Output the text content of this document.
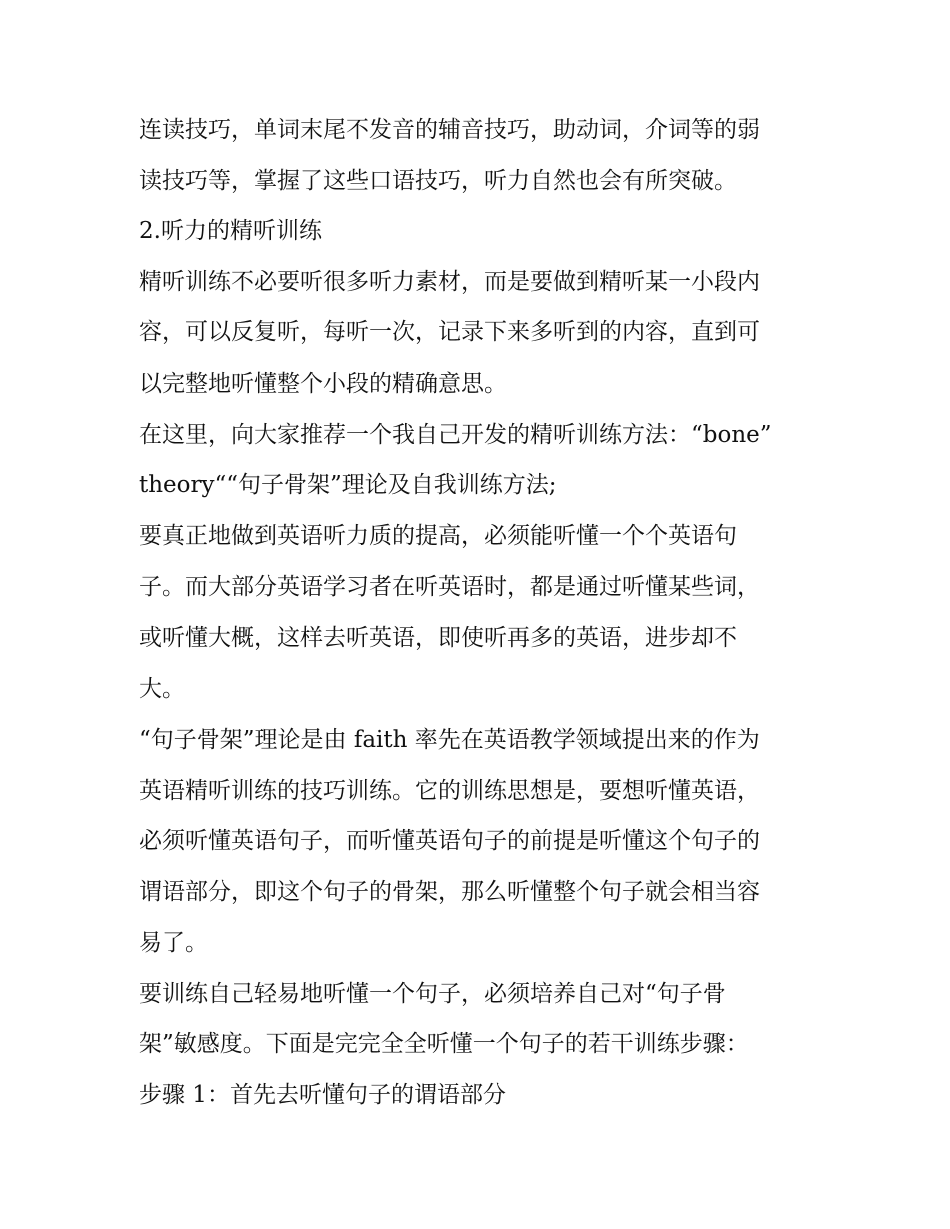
连读技巧，单词末尾不发音的辅音技巧，助动词，介词等的弱
读技巧等，掌握了这些口语技巧，听力自然也会有所突破。
2.听力的精听训练
精听训练不必要听很多听力素材，而是要做到精听某一小段内
容，可以反复听，每听一次，记录下来多听到的内容，直到可
以完整地听懂整个小段的精确意思。
在这里，向大家推荐一个我自己开发的精听训练方法：“bone”
theory““句子骨架”理论及自我训练方法;
要真正地做到英语听力质的提高，必须能听懂一个个英语句
子。而大部分英语学习者在听英语时，都是通过听懂某些词，
或听懂大概，这样去听英语，即使听再多的英语，进步却不
大。
“句子骨架”理论是由 faith 率先在英语教学领域提出来的作为
英语精听训练的技巧训练。它的训练思想是，要想听懂英语，
必须听懂英语句子，而听懂英语句子的前提是听懂这个句子的
谓语部分，即这个句子的骨架，那么听懂整个句子就会相当容
易了。
要训练自己轻易地听懂一个句子，必须培养自己对“句子骨
架”敏感度。下面是完完全全听懂一个句子的若干训练步骤：
步骤 1：首先去听懂句子的谓语部分
